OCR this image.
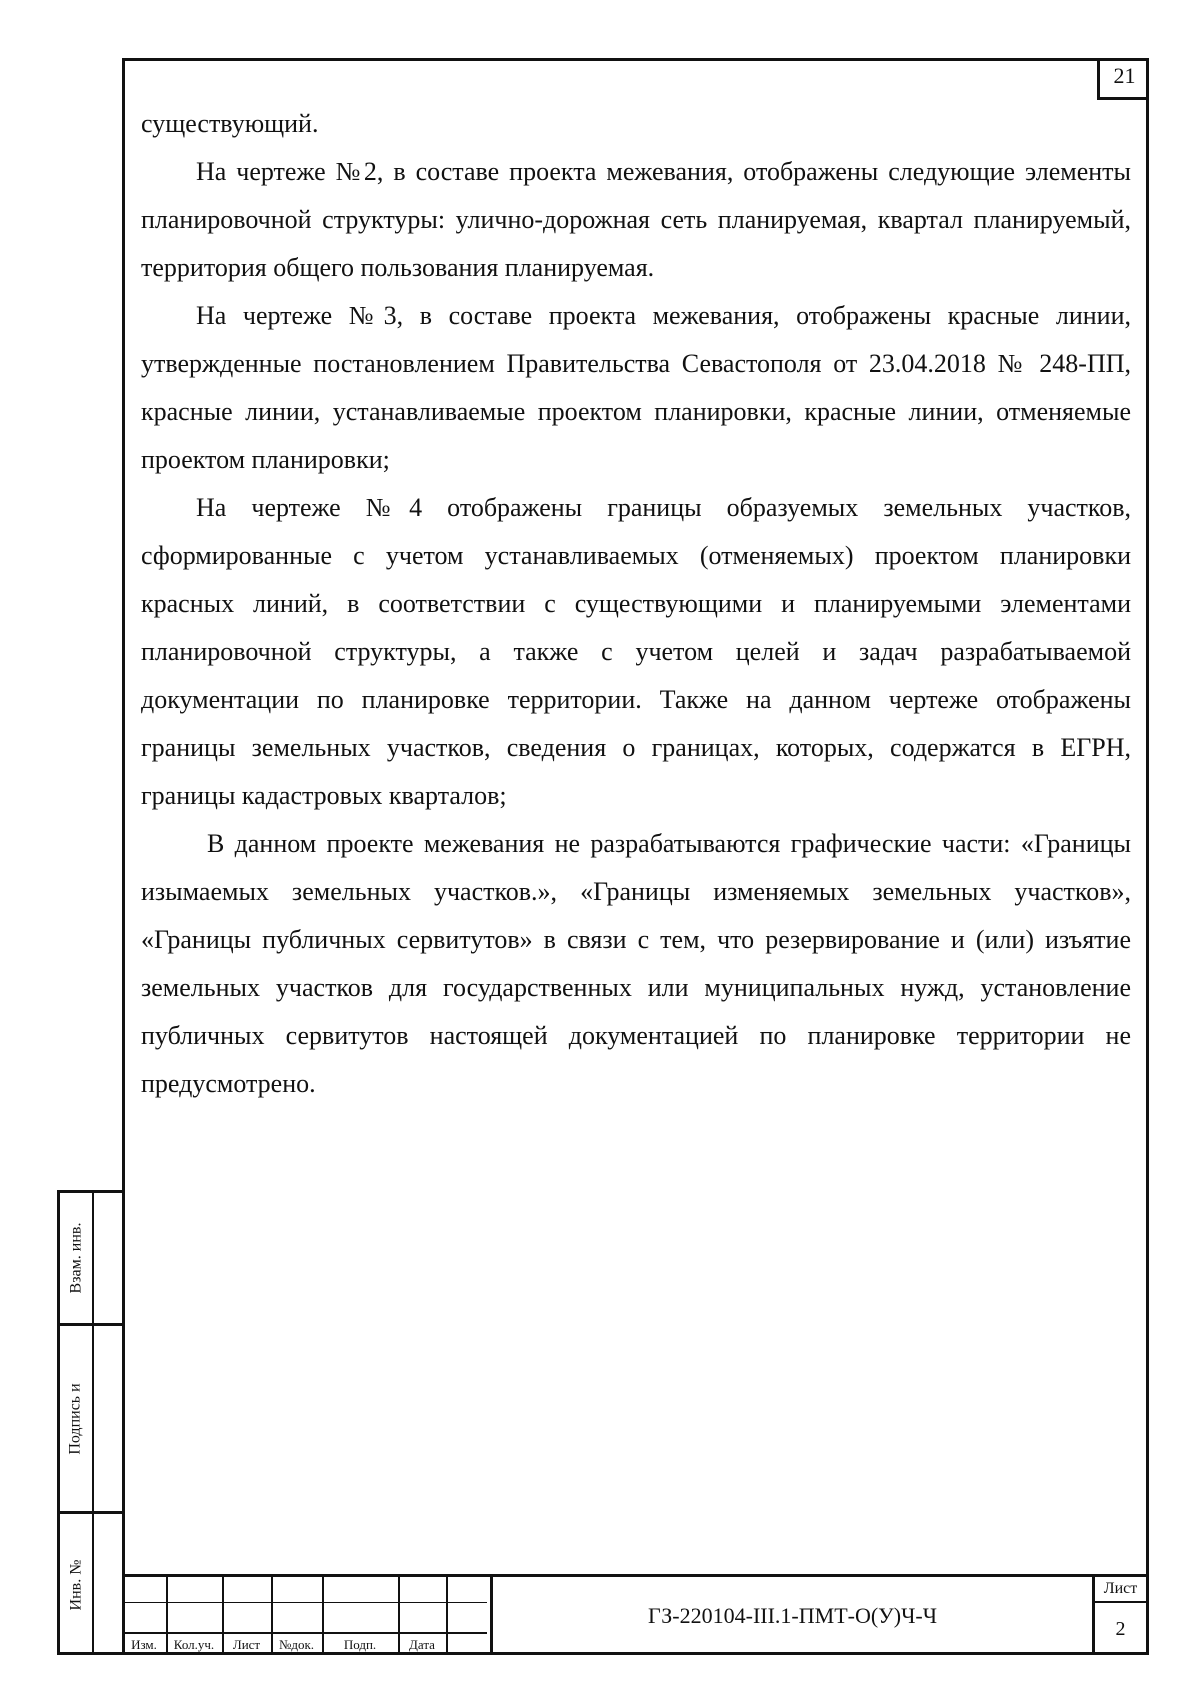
21

существующий.

На чертеже №2, в составе проекта межевания, отображены следующие элементы планировочной структуры: улично-дорожная сеть планируемая, квартал планируемый, территория общего пользования планируемая.

На чертеже №3, в составе проекта межевания, отображены красные линии, утвержденные постановлением Правительства Севастополя от 23.04.2018 № 248-ПП, красные линии, устанавливаемые проектом планировки, красные линии, отменяемые проектом планировки;

На чертеже №4 отображены границы образуемых земельных участков, сформированные с учетом устанавливаемых (отменяемых) проектом планировки красных линий, в соответствии с существующими и планируемыми элементами планировочной структуры, а также с учетом целей и задач разрабатываемой документации по планировке территории. Также на данном чертеже отображены границы земельных участков, сведения о границах, которых, содержатся в ЕГРН, границы кадастровых кварталов;

В данном проекте межевания не разрабатываются графические части: «Границы изымаемых земельных участков.», «Границы изменяемых земельных участков», «Границы публичных сервитутов» в связи с тем, что резервирование и (или) изъятие земельных участков для государственных или муниципальных нужд, установление публичных сервитутов настоящей документацией по планировке территории не предусмотрено.

Взам. инв.
Подпись и
Инв. №
Изм.	Кол.уч.	Лист	№док.	Подп.	Дата
ГЗ-220104-III.1-ПМТ-О(У)Ч-Ч
Лист
2
